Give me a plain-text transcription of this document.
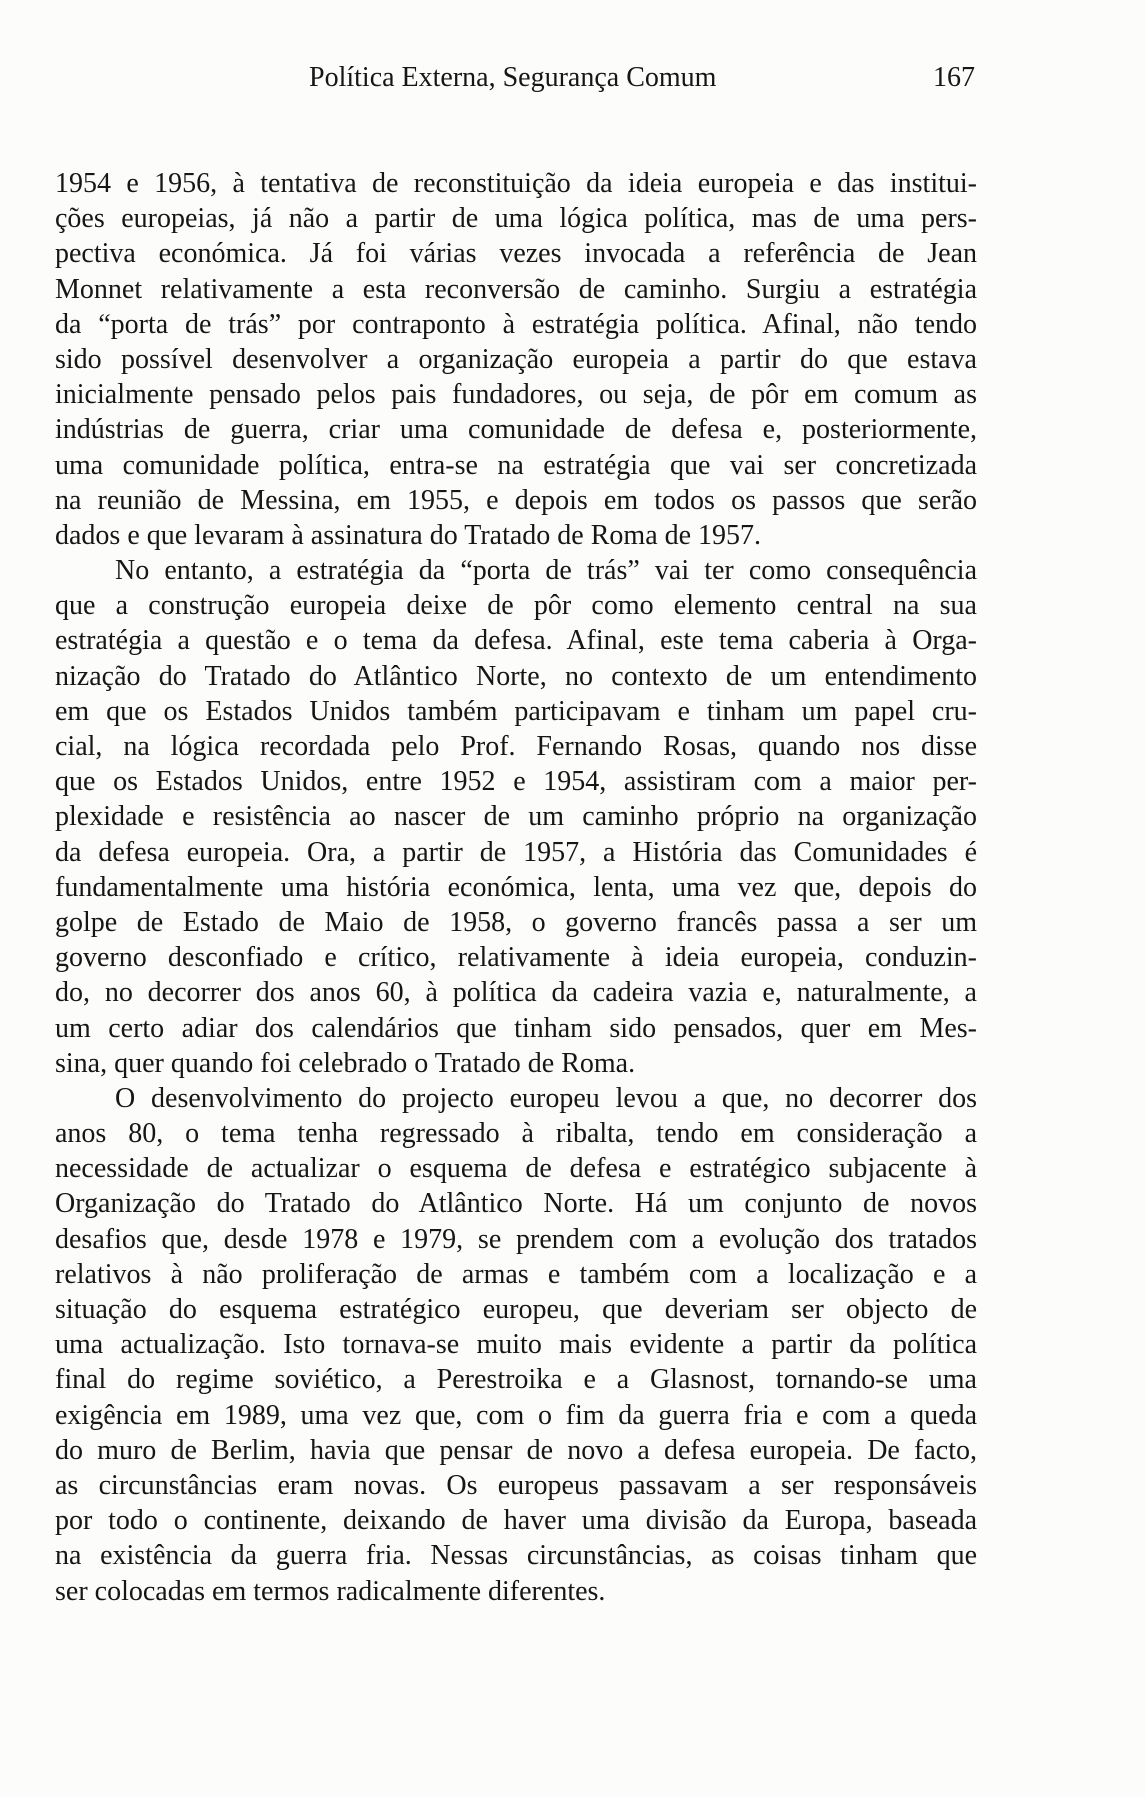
Política Externa, Segurança Comum	167
1954 e 1956, à tentativa de reconstituição da ideia europeia e das institui-
ções europeias, já não a partir de uma lógica política, mas de uma pers-
pectiva económica. Já foi várias vezes invocada a referência de Jean
Monnet relativamente a esta reconversão de caminho. Surgiu a estratégia
da “porta de trás” por contraponto à estratégia política. Afinal, não tendo
sido possível desenvolver a organização europeia a partir do que estava
inicialmente pensado pelos pais fundadores, ou seja, de pôr em comum as
indústrias de guerra, criar uma comunidade de defesa e, posteriormente,
uma comunidade política, entra-se na estratégia que vai ser concretizada
na reunião de Messina, em 1955, e depois em todos os passos que serão
dados e que levaram à assinatura do Tratado de Roma de 1957.
No entanto, a estratégia da “porta de trás” vai ter como consequência
que a construção europeia deixe de pôr como elemento central na sua
estratégia a questão e o tema da defesa. Afinal, este tema caberia à Orga-
nização do Tratado do Atlântico Norte, no contexto de um entendimento
em que os Estados Unidos também participavam e tinham um papel cru-
cial, na lógica recordada pelo Prof. Fernando Rosas, quando nos disse
que os Estados Unidos, entre 1952 e 1954, assistiram com a maior per-
plexidade e resistência ao nascer de um caminho próprio na organização
da defesa europeia. Ora, a partir de 1957, a História das Comunidades é
fundamentalmente uma história económica, lenta, uma vez que, depois do
golpe de Estado de Maio de 1958, o governo francês passa a ser um
governo desconfiado e crítico, relativamente à ideia europeia, conduzin-
do, no decorrer dos anos 60, à política da cadeira vazia e, naturalmente, a
um certo adiar dos calendários que tinham sido pensados, quer em Mes-
sina, quer quando foi celebrado o Tratado de Roma.
O desenvolvimento do projecto europeu levou a que, no decorrer dos
anos 80, o tema tenha regressado à ribalta, tendo em consideração a
necessidade de actualizar o esquema de defesa e estratégico subjacente à
Organização do Tratado do Atlântico Norte. Há um conjunto de novos
desafios que, desde 1978 e 1979, se prendem com a evolução dos tratados
relativos à não proliferação de armas e também com a localização e a
situação do esquema estratégico europeu, que deveriam ser objecto de
uma actualização. Isto tornava-se muito mais evidente a partir da política
final do regime soviético, a Perestroika e a Glasnost, tornando-se uma
exigência em 1989, uma vez que, com o fim da guerra fria e com a queda
do muro de Berlim, havia que pensar de novo a defesa europeia. De facto,
as circunstâncias eram novas. Os europeus passavam a ser responsáveis
por todo o continente, deixando de haver uma divisão da Europa, baseada
na existência da guerra fria. Nessas circunstâncias, as coisas tinham que
ser colocadas em termos radicalmente diferentes.
